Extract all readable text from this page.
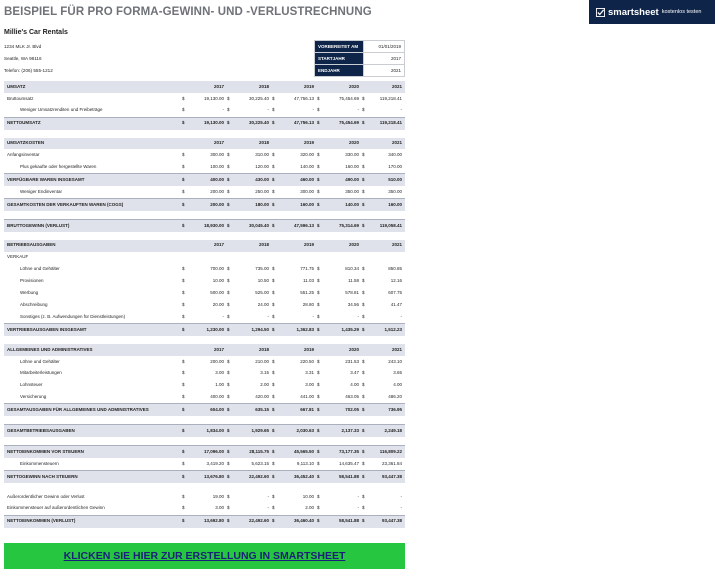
BEISPIEL FÜR PRO FORMA-GEWINN- UND -VERLUSTRECHNUNG	smartsheet kostenlos testen
Millie's Car Rentals
1234 MLK Jr. Blvd
Seattle, WA 98116
Telefon: (206) 555-1212
VORBEREITET AM	01/01/2019
STARTJAHR	2017
ENDJAHR	2021
UMSATZ		2017		2018		2019		2020		2021
Bruttoumsatz	$	19,130.00	$	30,225.40	$	47,756.13	$	75,454.69	$	119,218.41
Weniger Umsatzrenditen und Freibeträge	$	-	$	-	$	-	$	-	$	-
NETTOUMSATZ	$	19,130.00	$	30,225.40	$	47,756.13	$	75,454.69	$	119,218.41

UMSATZKOSTEN		2017		2018		2019		2020		2021
Anfangsinventar	$	300.00	$	310.00	$	320.00	$	330.00	$	340.00
Plus gekaufte oder hergestellte Waren	$	100.00	$	120.00	$	140.00	$	160.00	$	170.00
VERFÜGBARE WAREN INSGESAMT	$	400.00	$	430.00	$	460.00	$	490.00	$	510.00
Weniger Endinventar	$	200.00	$	250.00	$	300.00	$	350.00	$	350.00
GESAMTKOSTEN DER VERKAUFTEN WAREN (COGS)	$	200.00	$	180.00	$	160.00	$	140.00	$	160.00

BRUTTOGEWINN (VERLUST)	$	18,930.00	$	30,045.40	$	47,596.13	$	75,314.69	$	119,058.41

BETRIEBSAUSGABEN		2017		2018		2019		2020		2021
VERKAUF										
Löhne und Gehälter	$	700.00	$	735.00	$	771.75	$	810.34	$	850.85
Provisionen	$	10.00	$	10.50	$	11.03	$	11.58	$	12.16
Werbung	$	500.00	$	525.00	$	551.25	$	578.81	$	607.75
Abschreibung	$	20.00	$	24.00	$	28.80	$	34.56	$	41.47
Sonstiges (z. B. Aufwendungen für Dienstleistungen)	$	-	$	-	$	-	$	-	$	-
VERTRIEBSAUSGABEN INSGESAMT	$	1,230.00	$	1,294.50	$	1,362.83	$	1,435.29	$	1,512.23

ALLGEMEINES UND ADMINISTRATIVES		2017		2018		2019		2020		2021
Löhne und Gehälter	$	200.00	$	210.00	$	220.50	$	231.53	$	243.10
Mitarbeiterleistungen	$	3.00	$	3.15	$	3.31	$	3.47	$	3.65
Lohnsteuer	$	1.00	$	2.00	$	3.00	$	4.00	$	4.00
Versicherung	$	400.00	$	420.00	$	441.00	$	463.05	$	486.20
GESAMTAUSGABEN FÜR ALLGEMEINES UND ADMINISTRATIVES	$	604.00	$	635.15	$	667.81	$	702.05	$	736.95

GESAMTBETRIEBSAUSGABEN	$	1,834.00	$	1,929.65	$	2,030.63	$	2,137.33	$	2,249.18

NETTOEINKOMMEN VOR STEUERN	$	17,096.00	$	28,115.75	$	45,565.50	$	73,177.35	$	116,809.22
Einkommensteuern	$	3,419.20	$	5,623.15	$	9,113.10	$	14,635.47	$	23,361.84
NETTOGEWINN NACH STEUERN	$	13,676.80	$	22,492.60	$	36,452.40	$	58,541.88	$	93,447.38

Außerordentlicher Gewinn oder Verlust	$	19.00	$	-	$	10.00	$	-	$	-
Einkommensteuer auf außerordentlichen Gewinn	$	3.00	$	-	$	2.00	$	-	$	-
NETTOEINKOMMEN (VERLUST)	$	13,692.80	$	22,492.60	$	36,460.40	$	58,541.88	$	93,447.38
KLICKEN SIE HIER ZUR ERSTELLUNG IN SMARTSHEET
